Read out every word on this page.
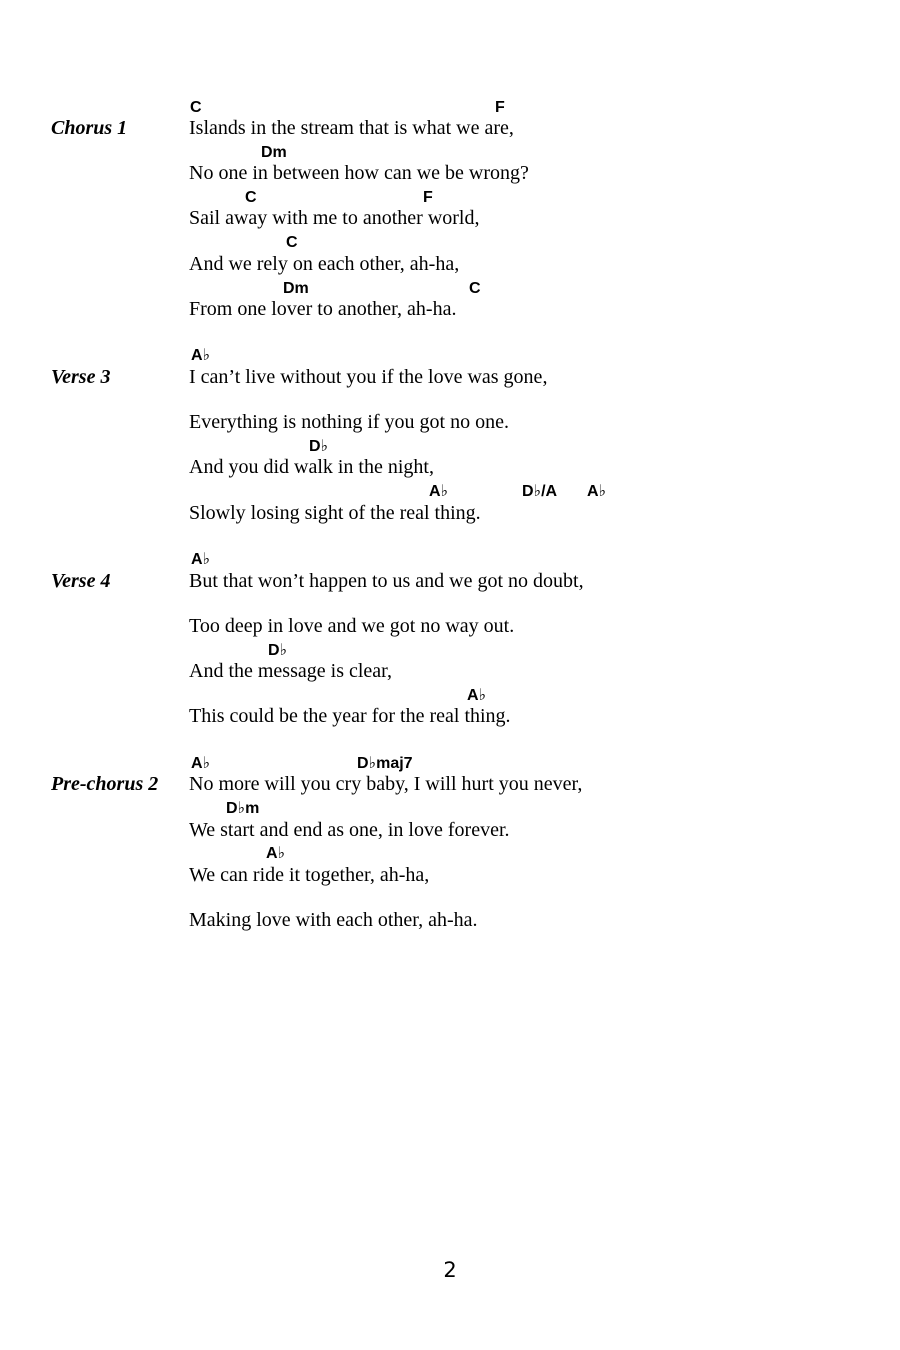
Chorus 1
C	F
Islands in the stream that is what we are,
Dm
No one in between how can we be wrong?
C	F
Sail away with me to another world,
C
And we rely on each other, ah-ha,
Dm	C
From one lover to another, ah-ha.
Verse 3
A♭
I can’t live without you if the love was gone,
Everything is nothing if you got no one.
D♭
And you did walk in the night,
A♭	D♭/A A♭
Slowly losing sight of the real thing.
Verse 4
A♭
But that won’t happen to us and we got no doubt,
Too deep in love and we got no way out.
D♭
And the message is clear,
A♭
This could be the year for the real thing.
Pre-chorus 2
A♭	D♭maj7
No more will you cry baby, I will hurt you never,
D♭m
We start and end as one, in love forever.
A♭
We can ride it together, ah-ha,
Making love with each other, ah-ha.
2
